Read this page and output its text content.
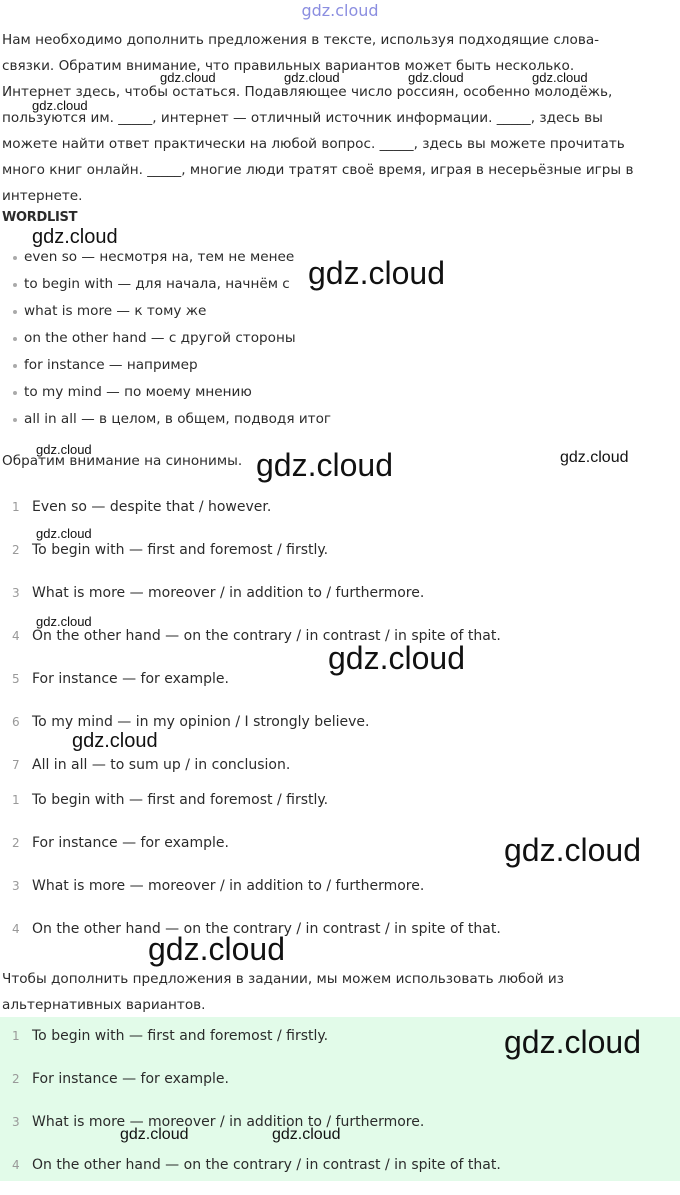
gdz.cloud
Нам необходимо дополнить предложения в тексте, используя подходящие слова-
связки. Обратим внимание, что правильных вариантов может быть несколько.
Интернет здесь, чтобы остаться. Подавляющее число россиян, особенно молодёжь,
пользуются им. _____, интернет — отличный источник информации. _____, здесь вы
можете найти ответ практически на любой вопрос. _____, здесь вы можете прочитать
много книг онлайн. _____, многие люди тратят своё время, играя в несерьёзные игры в
интернете.
WORDLIST
even so — несмотря на, тем не менее
to begin with — для начала, начнём с
what is more — к тому же
on the other hand — с другой стороны
for instance — например
to my mind — по моему мнению
all in all — в целом, в общем, подводя итог
Обратим внимание на синонимы.
1 Even so — despite that / however.
2 To begin with — first and foremost / firstly.
3 What is more — moreover / in addition to / furthermore.
4 On the other hand — on the contrary / in contrast / in spite of that.
5 For instance — for example.
6 To my mind — in my opinion / I strongly believe.
7 All in all — to sum up / in conclusion.
1 To begin with — first and foremost / firstly.
2 For instance — for example.
3 What is more — moreover / in addition to / furthermore.
4 On the other hand — on the contrary / in contrast / in spite of that.
Чтобы дополнить предложения в задании, мы можем использовать любой из
альтернативных вариантов.
1 To begin with — first and foremost / firstly.
2 For instance — for example.
3 What is more — moreover / in addition to / furthermore.
4 On the other hand — on the contrary / in contrast / in spite of that.
gdz.cloud	gdz.cloud	gdz.cloud	gdz.cloud
gdz.cloud
gdz.cloud
gdz.cloud
gdz.cloud	gdz.cloud	gdz.cloud
gdz.cloud
gdz.cloud
gdz.cloud
gdz.cloud
gdz.cloud
gdz.cloud
gdz.cloud
gdz.cloud	gdz.cloud
